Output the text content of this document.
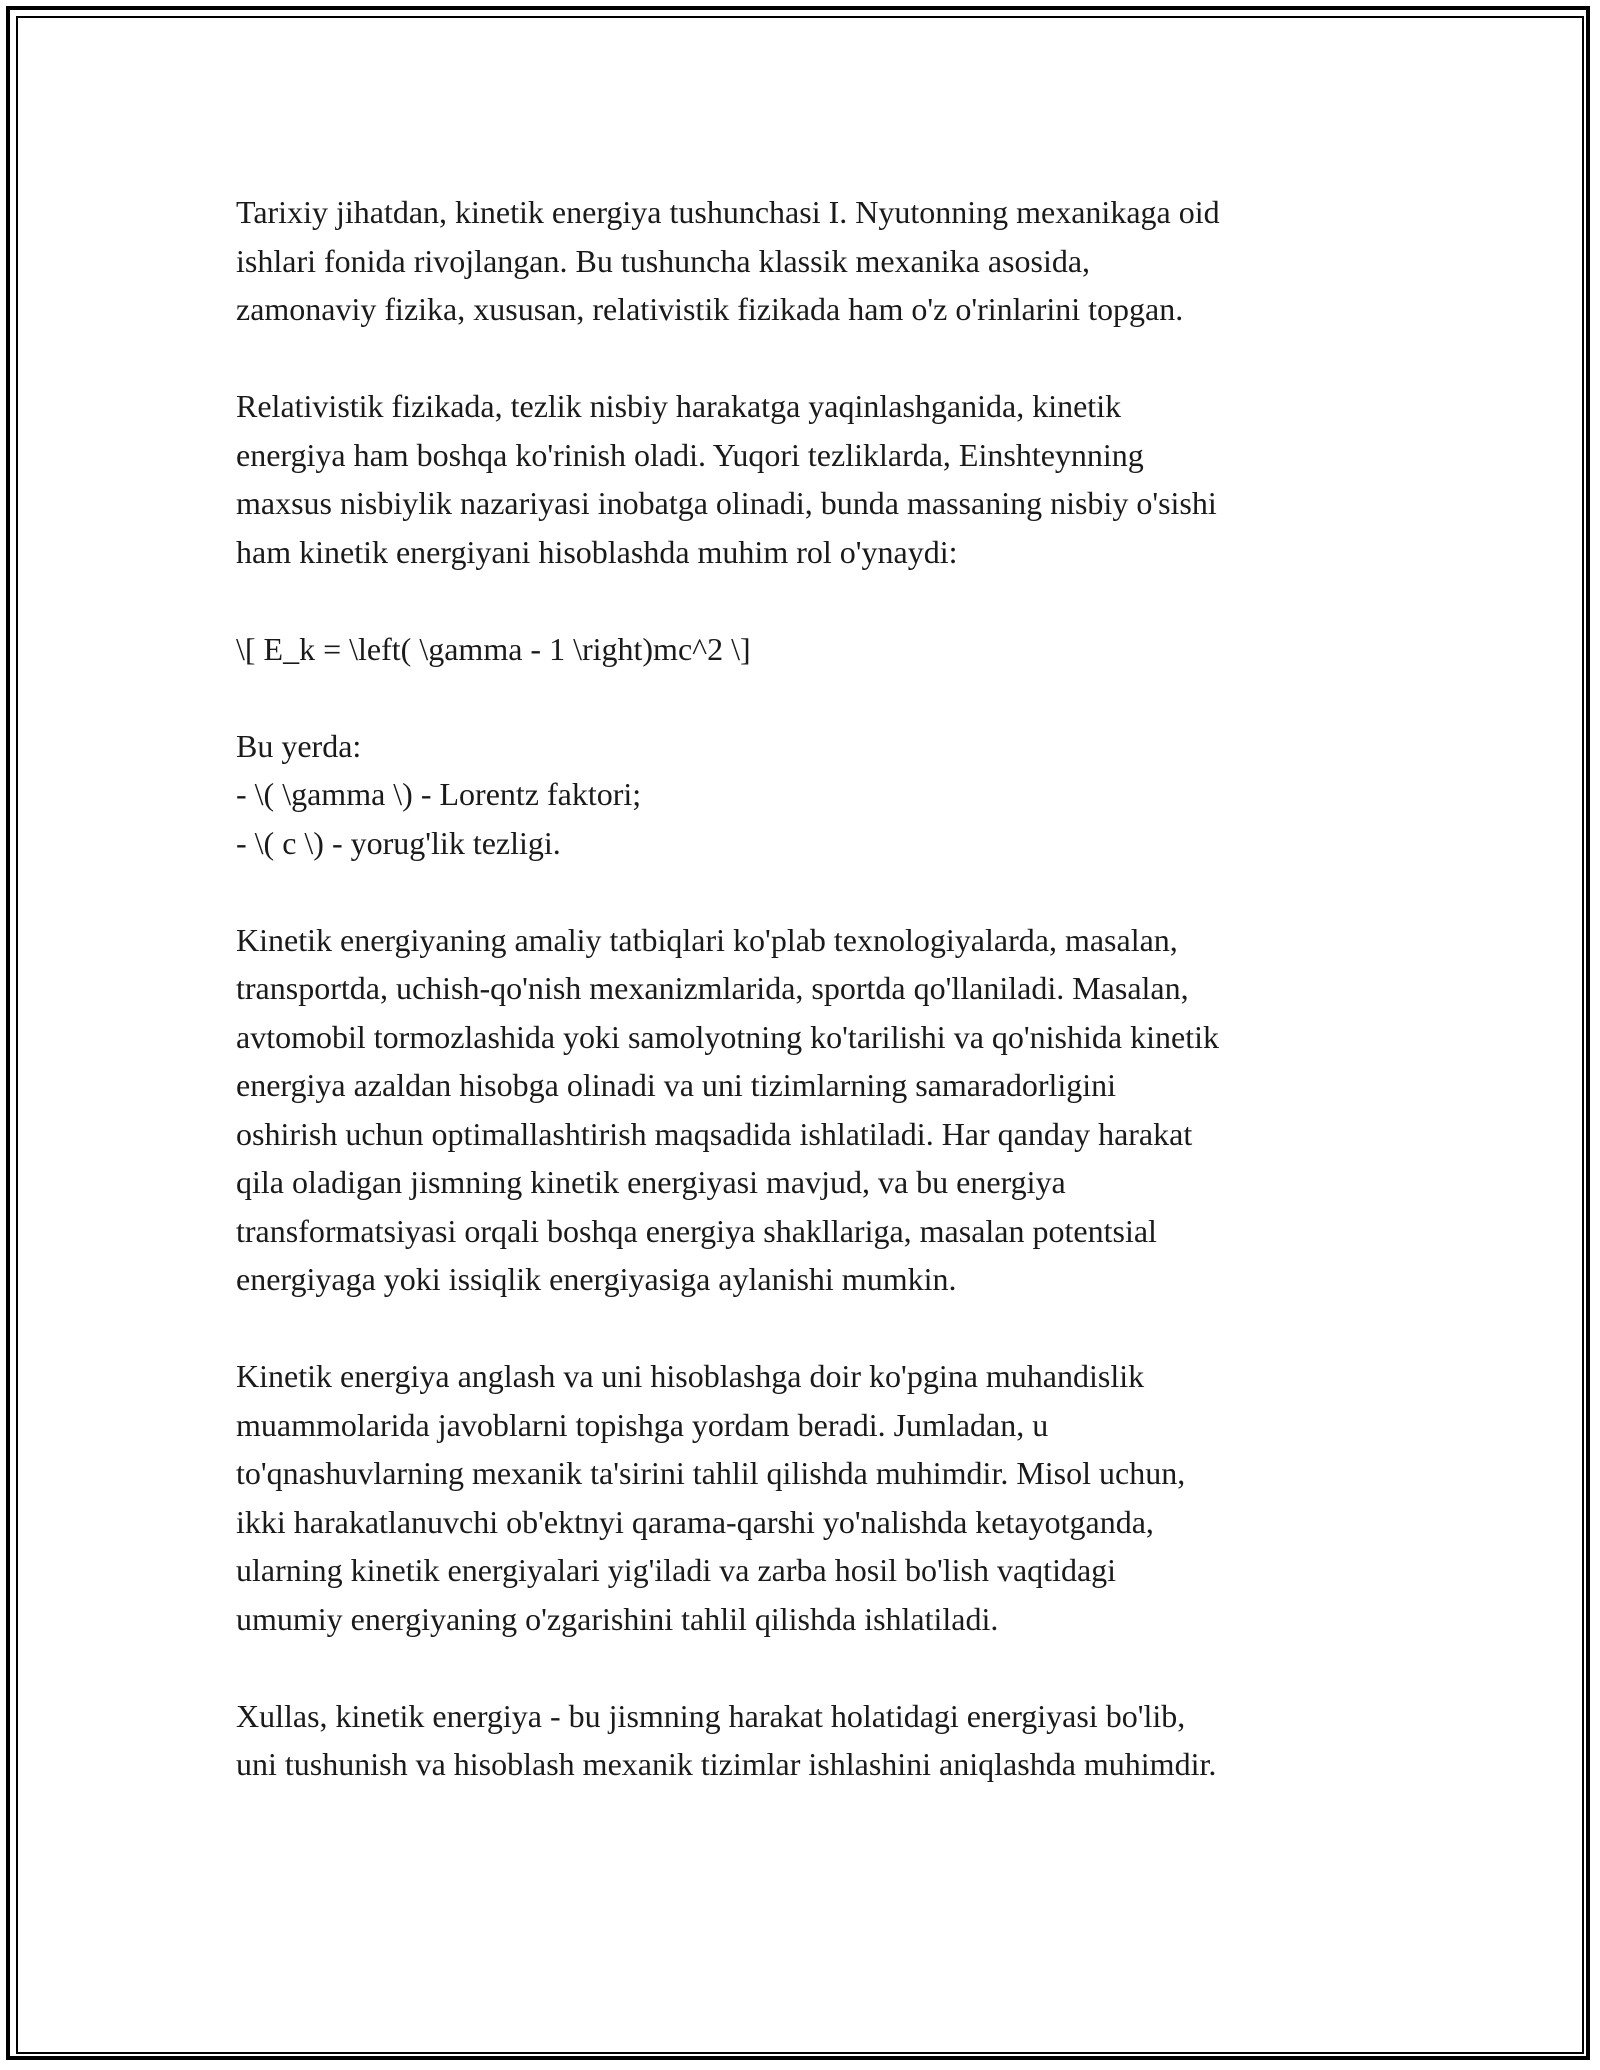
Tarixiy jihatdan, kinetik energiya tushunchasi I. Nyutonning mexanikaga oid
ishlari fonida rivojlangan. Bu tushuncha klassik mexanika asosida,
zamonaviy fizika, xususan, relativistik fizikada ham o'z o'rinlarini topgan.

Relativistik fizikada, tezlik nisbiy harakatga yaqinlashganida, kinetik
energiya ham boshqa ko'rinish oladi. Yuqori tezliklarda, Einshteynning
maxsus nisbiylik nazariyasi inobatga olinadi, bunda massaning nisbiy o'sishi
ham kinetik energiyani hisoblashda muhim rol o'ynaydi:

\[ E_k = \left( \gamma - 1 \right)mc^2 \]

Bu yerda:
- \( \gamma \) - Lorentz faktori;
- \( c \) - yorug'lik tezligi.

Kinetik energiyaning amaliy tatbiqlari ko'plab texnologiyalarda, masalan,
transportda, uchish-qo'nish mexanizmlarida, sportda qo'llaniladi. Masalan,
avtomobil tormozlashida yoki samolyotning ko'tarilishi va qo'nishida kinetik
energiya azaldan hisobga olinadi va uni tizimlarning samaradorligini
oshirish uchun optimallashtirish maqsadida ishlatiladi. Har qanday harakat
qila oladigan jismning kinetik energiyasi mavjud, va bu energiya
transformatsiyasi orqali boshqa energiya shakllariga, masalan potentsial
energiyaga yoki issiqlik energiyasiga aylanishi mumkin.

Kinetik energiya anglash va uni hisoblashga doir ko'pgina muhandislik
muammolarida javoblarni topishga yordam beradi. Jumladan, u
to'qnashuvlarning mexanik ta'sirini tahlil qilishda muhimdir. Misol uchun,
ikki harakatlanuvchi ob'ektnyi qarama-qarshi yo'nalishda ketayotganda,
ularning kinetik energiyalari yig'iladi va zarba hosil bo'lish vaqtidagi
umumiy energiyaning o'zgarishini tahlil qilishda ishlatiladi.

Xullas, kinetik energiya - bu jismning harakat holatidagi energiyasi bo'lib,
uni tushunish va hisoblash mexanik tizimlar ishlashini aniqlashda muhimdir.
